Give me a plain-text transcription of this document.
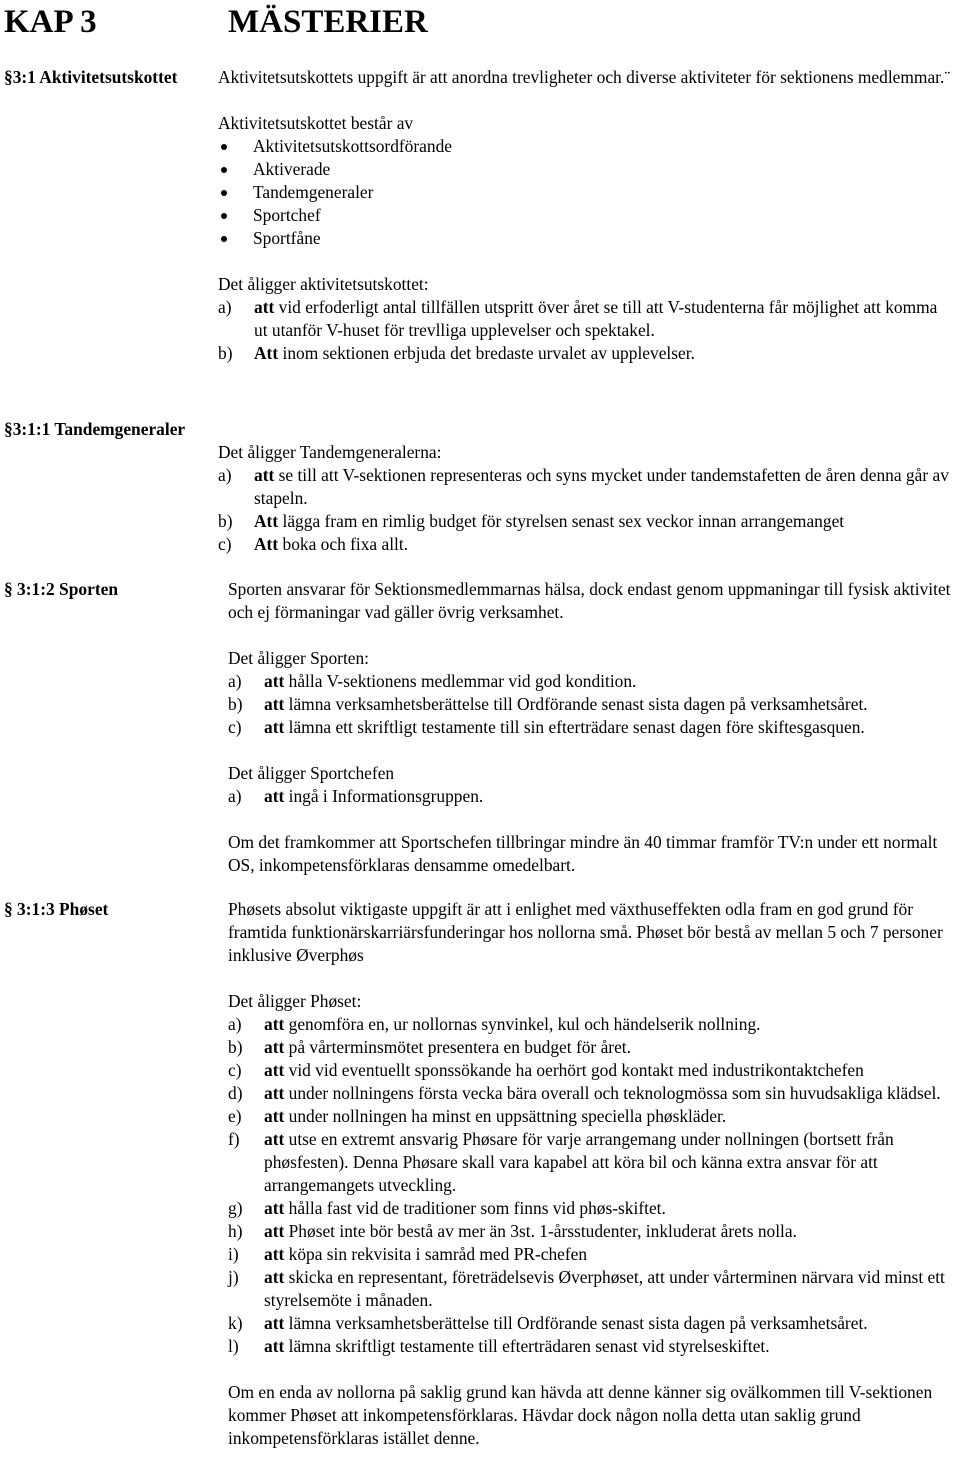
KAP 3	MÄSTERIER
§3:1 Aktivitetsutskottet Aktivitetsutskottets uppgift är att anordna trevligheter och diverse aktiviteter för sektionens medlemmar.¨

Aktivitetsutskottet består av

Aktivitetsutskottsordförande
Aktiverade
Tandemgeneraler
Sportchef
Sportfåne

Det åligger aktivitetsutskottet:

a) att vid erfoderligt antal tillfällen utspritt över året se till att V-studenterna får möjlighet att komma ut utanför V-huset för trevlliga upplevelser och spektakel.
b) Att inom sektionen erbjuda det bredaste urvalet av upplevelser.
§3:1:1 Tandemgeneraler

Det åligger Tandemgeneralerna:

a) att se till att V-sektionen representeras och syns mycket under tandemstafetten de åren denna går av stapeln.
b) Att lägga fram en rimlig budget för styrelsen senast sex veckor innan arrangemanget
c) Att boka och fixa allt.
§ 3:1:2 Sporten	Sporten ansvarar för Sektionsmedlemmarnas hälsa, dock endast genom uppmaningar till fysisk aktivitet och ej förmaningar vad gäller övrig verksamhet.

Det åligger Sporten:

a) att hålla V-sektionens medlemmar vid god kondition.
b) att lämna verksamhetsberättelse till Ordförande senast sista dagen på verksamhetsåret.
c) att lämna ett skriftligt testamente till sin efterträdare senast dagen före skiftesgasquen.

Det åligger Sportchefen

a) att ingå i Informationsgruppen.

Om det framkommer att Sportschefen tillbringar mindre än 40 timmar framför TV:n under ett normalt OS, inkompetensförklaras densamme omedelbart.

§ 3:1:3 Phøset	Phøsets absolut viktigaste uppgift är att i enlighet med växthuseffekten odla fram en god grund för framtida funktionärskarriärsfunderingar hos nollorna små. Phøset bör bestå av mellan 5 och 7 personer inklusive Øverphøs

Det åligger Phøset:

a) att genomföra en, ur nollornas synvinkel, kul och händelserik nollning.
b) att på vårterminsmötet presentera en budget för året.
c) att vid vid eventuellt sponssökande ha oerhört god kontakt med industrikontaktchefen
d) att under nollningens första vecka bära overall och teknologmössa som sin huvudsakliga klädsel.
e) att under nollningen ha minst en uppsättning speciella phøskläder.
f) att utse en extremt ansvarig Phøsare för varje arrangemang under nollningen (bortsett från phøsfesten). Denna Phøsare skall vara kapabel att köra bil och känna extra ansvar för att arrangemangets utveckling.
g) att hålla fast vid de traditioner som finns vid phøs-skiftet.
h) att Phøset inte bör bestå av mer än 3st. 1-årsstudenter, inkluderat årets nolla.
i) att köpa sin rekvisita i samråd med PR-chefen
j) att skicka en representant, företrädelsevis Øverphøset, att under vårterminen närvara vid minst ett styrelsemöte i månaden.
k) att lämna verksamhetsberättelse till Ordförande senast sista dagen på verksamhetsåret.
l) att lämna skriftligt testamente till efterträdaren senast vid styrelseskiftet.

Om en enda av nollorna på saklig grund kan hävda att denne känner sig ovälkommen till V-sektionen kommer Phøset att inkompetensförklaras. Hävdar dock någon nolla detta utan saklig grund inkompetensförklaras istället denne.
